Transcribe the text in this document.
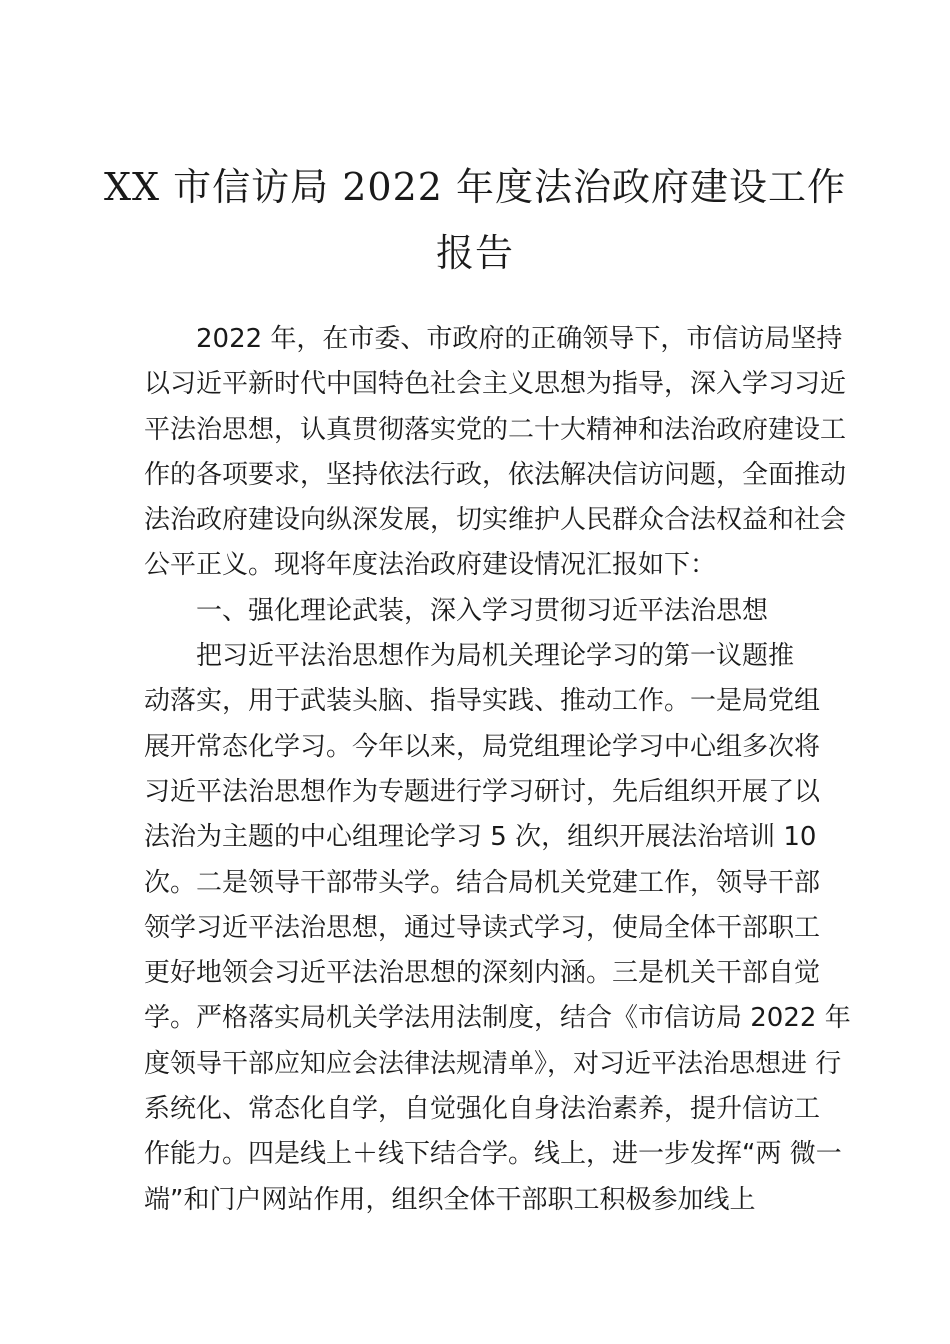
XX 市信访局 2022 年度法治政府建设工作
报告
2022 年，在市委、市政府的正确领导下，市信访局坚持
以习近平新时代中国特色社会主义思想为指导，深入学习习近
平法治思想，认真贯彻落实党的二十大精神和法治政府建设工
作的各项要求，坚持依法行政，依法解决信访问题，全面推动
法治政府建设向纵深发展，切实维护人民群众合法权益和社会
公平正义。现将年度法治政府建设情况汇报如下：
一、强化理论武装，深入学习贯彻习近平法治思想
把习近平法治思想作为局机关理论学习的第一议题推
动落实，用于武装头脑、指导实践、推动工作。一是局党组
展开常态化学习。今年以来，局党组理论学习中心组多次将
习近平法治思想作为专题进行学习研讨，先后组织开展了以
法治为主题的中心组理论学习 5 次，组织开展法治培训 10
次。二是领导干部带头学。结合局机关党建工作，领导干部
领学习近平法治思想，通过导读式学习，使局全体干部职工
更好地领会习近平法治思想的深刻内涵。三是机关干部自觉
学。严格落实局机关学法用法制度，结合《市信访局 2022 年
度领导干部应知应会法律法规清单》，对习近平法治思想进 行
系统化、常态化自学，自觉强化自身法治素养，提升信访工
作能力。四是线上＋线下结合学。线上，进一步发挥“两 微一
端”和门户网站作用，组织全体干部职工积极参加线上
